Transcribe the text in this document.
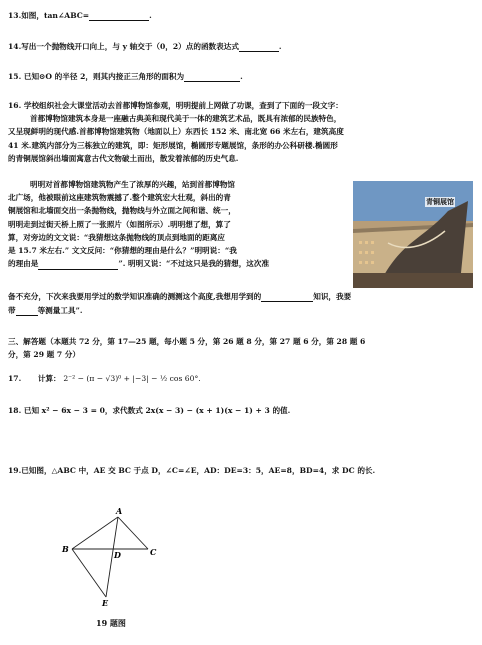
13.如图，tan∠ABC=	.
14.写出一个抛物线开口向上，与 y 轴交于（0，2）点的函数表达式	.
15. 已知⊙O 的半径 2，则其内接正三角形的面积为	.
16. 学校组织社会大课堂活动去首都博物馆参观，明明提前上网做了功课，查到了下面的一段文字：
首都博物馆建筑本身是一座融古典美和现代美于一体的建筑艺术品，既具有浓郁的民族特色，
又呈现鲜明的现代感.首都博物馆建筑物（地面以上）东西长 152 米、南北宽 66 米左右，建筑高度
41 米.建筑内部分为三栋独立的建筑，即：矩形展馆，椭圆形专题展馆，条形的办公科研楼.椭圆形
的青铜展馆斜出墙面寓意古代文物破土而出，散发着浓郁的历史气息.
明明对首都博物馆建筑物产生了浓厚的兴趣，站到首都博物馆
北广场，他被眼前这座建筑物震撼了.整个建筑宏大壮观，斜出的青
铜展馆和北墙面交出一条抛物线，抛物线与外立面之间和谐、统一，
明明走到过街天桥上照了一张照片（如图所示）.明明想了想，算了
算，对旁边的文文说：“我猜想这条抛物线的顶点到地面的距离应
是 15.7 米左右.” 文文反问：“你猜想的理由是什么？”明明说：“我
的理由是	”. 明明又说：“不过这只是我的猜想，这次准
青铜展馆
备不充分，下次来我要用学过的数学知识准确的测测这个高度,我想用学到的	知识，我要
带	等测量工具”.
三、解答题（本题共 72 分，第 17—25 题，每小题 5 分，第 26 题 8 分，第 27 题 6 分，第 28 题 6
分，第 29 题 7 分）
17. 计算： 2⁻² − (π − √3)⁰ + |−3| − ½ cos 60°.
18. 已知 x² − 6x − 3 = 0，求代数式 2x(x − 3) − (x + 1)(x − 1) + 3 的值.
19.已知图，△ABC 中，AE 交 BC 于点 D，∠C=∠E，AD：DE=3：5，AE=8，BD=4，求 DC 的长.
A
B	C
D
E
19 题图
